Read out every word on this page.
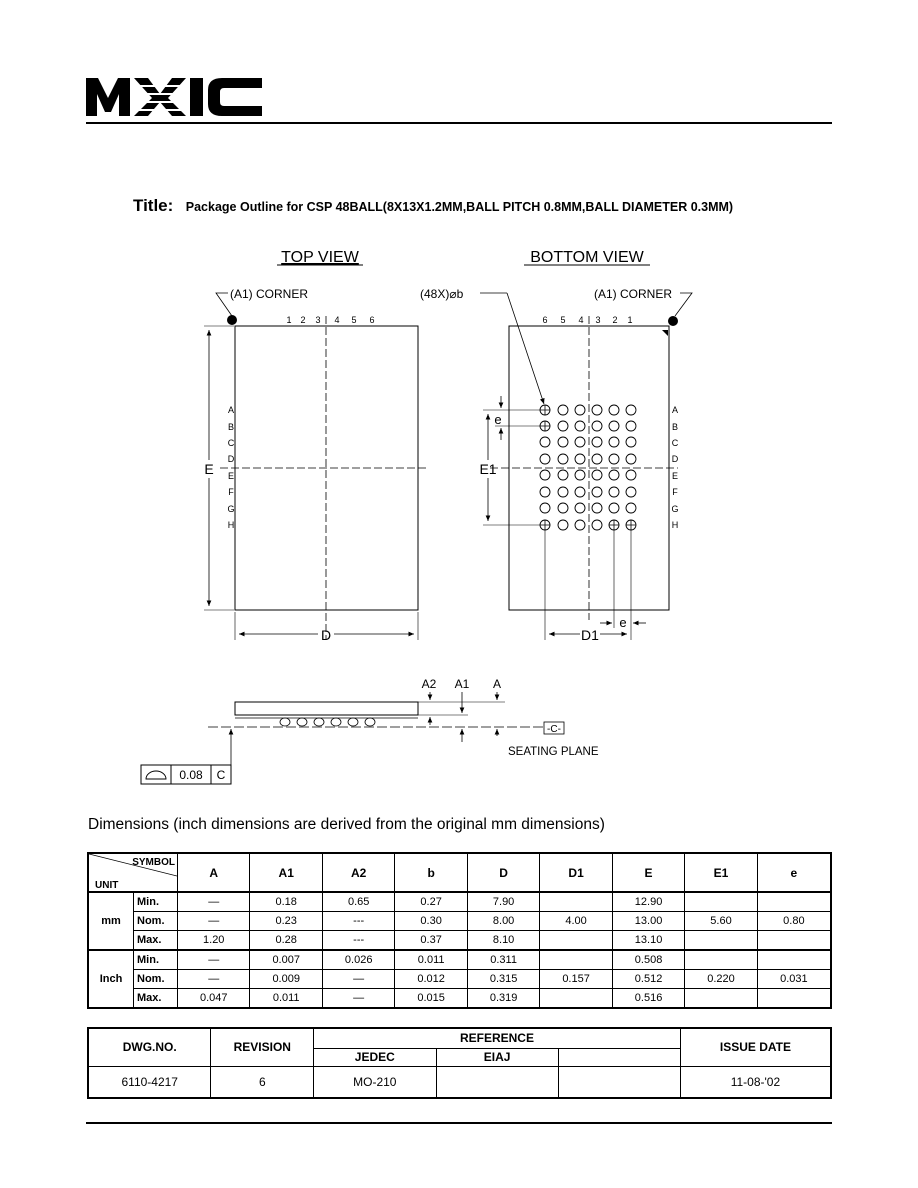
Title: Package Outline for CSP 48BALL(8X13X1.2MM,BALL PITCH 0.8MM,BALL DIAMETER 0.3MM)
TOP VIEW	BOTTOM VIEW
(A1) CORNER
1 2 3 4 5 6
A
B
C
D
E
F
G
H
E
D
(A1) CORNER
(48X)⌀b
6 5 4 3 2 1
A
B
C
D
E
F
G
H
E1
e
D1
e
-C-
SEATING PLANE
A2 A1 A
0.08 C
Dimensions (inch dimensions are derived from the original mm dimensions)
SYMBOL
UNIT		A	A1	A2	b	D	D1	E	E1	e
mm	Min.	—	0.18	0.65	0.27	7.90		12.90		
	Nom.	—	0.23	---	0.30	8.00	4.00	13.00	5.60	0.80
	Max.	1.20	0.28	---	0.37	8.10		13.10		
Inch	Min.	—	0.007	0.026	0.011	0.311		0.508		
	Nom.	—	0.009	—	0.012	0.315	0.157	0.512	0.220	0.031
	Max.	0.047	0.011	—	0.015	0.319		0.516		
DWG.NO.	REVISION	REFERENCE			ISSUE DATE
		JEDEC	EIAJ		
6110-4217	6	MO-210			11-08-'02
